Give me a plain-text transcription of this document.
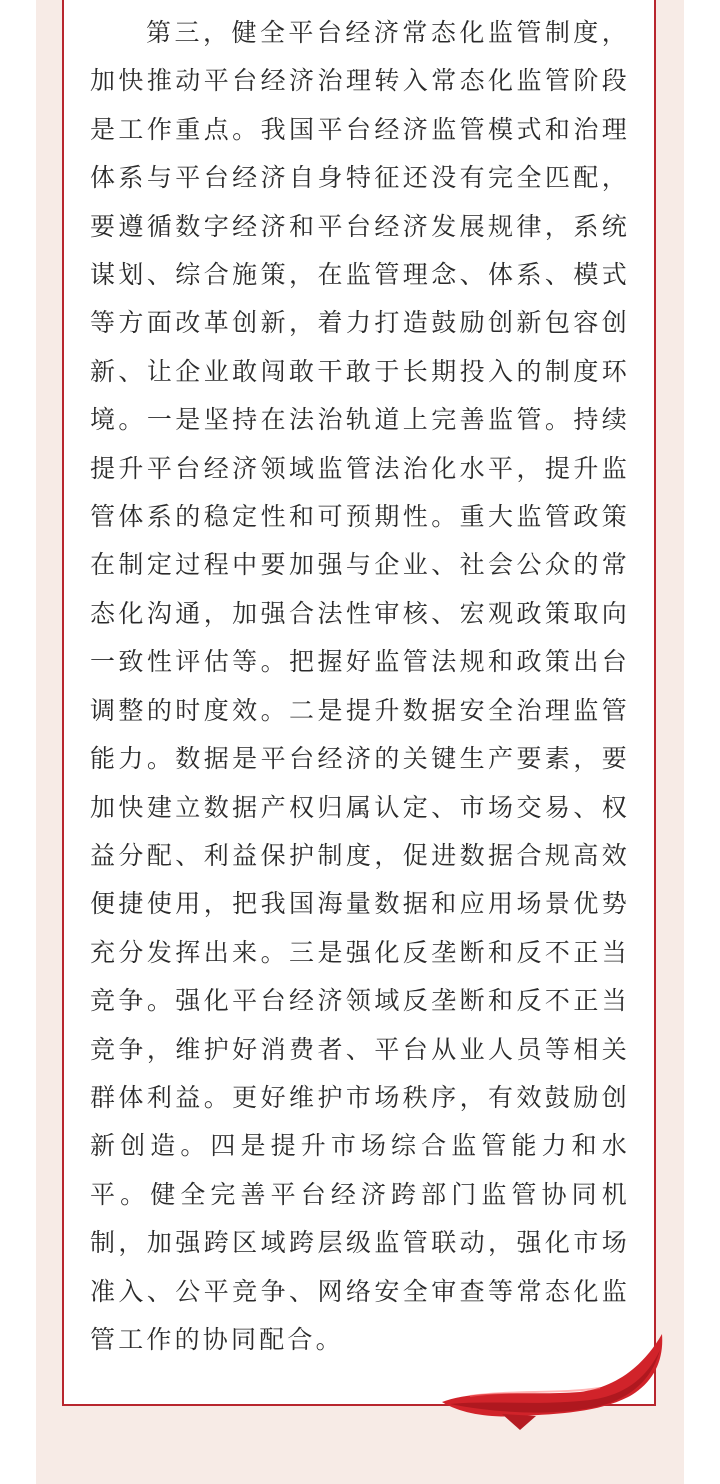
第三，健全平台经济常态化监管制度，加快推动平台经济治理转入常态化监管阶段是工作重点。我国平台经济监管模式和治理体系与平台经济自身特征还没有完全匹配，要遵循数字经济和平台经济发展规律，系统谋划、综合施策，在监管理念、体系、模式等方面改革创新，着力打造鼓励创新包容创新、让企业敢闯敢干敢于长期投入的制度环境。一是坚持在法治轨道上完善监管。持续提升平台经济领域监管法治化水平，提升监管体系的稳定性和可预期性。重大监管政策在制定过程中要加强与企业、社会公众的常态化沟通，加强合法性审核、宏观政策取向一致性评估等。把握好监管法规和政策出台调整的时度效。二是提升数据安全治理监管能力。数据是平台经济的关键生产要素，要加快建立数据产权归属认定、市场交易、权益分配、利益保护制度，促进数据合规高效便捷使用，把我国海量数据和应用场景优势充分发挥出来。三是强化反垄断和反不正当竞争。强化平台经济领域反垄断和反不正当竞争，维护好消费者、平台从业人员等相关群体利益。更好维护市场秩序，有效鼓励创新创造。四是提升市场综合监管能力和水平。健全完善平台经济跨部门监管协同机制，加强跨区域跨层级监管联动，强化市场准入、公平竞争、网络安全审查等常态化监管工作的协同配合。
